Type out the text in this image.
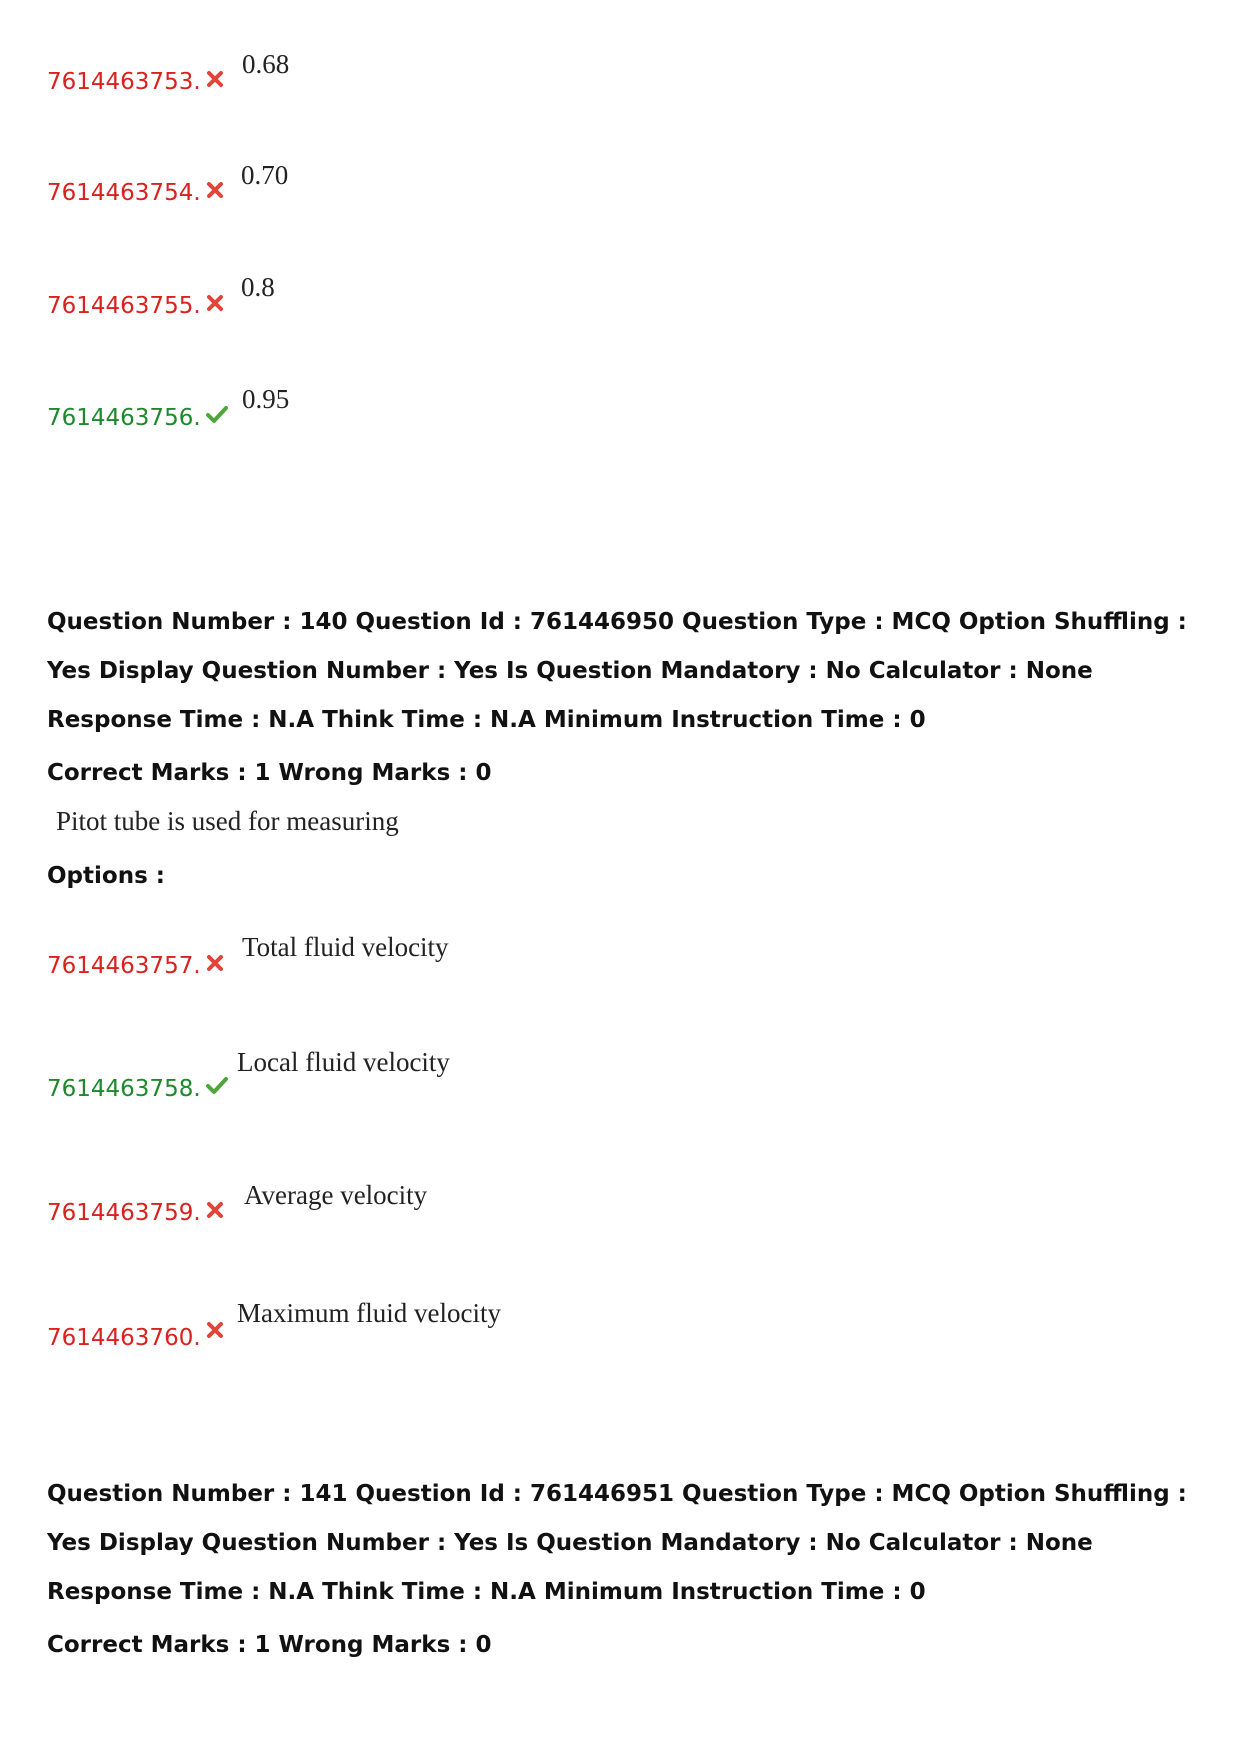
7614463753.
0.68
7614463754.
0.70
7614463755.
0.8
7614463756.
0.95

Question Number : 140 Question Id : 761446950 Question Type : MCQ Option Shuffling : Yes Display Question Number : Yes Is Question Mandatory : No Calculator : None Response Time : N.A Think Time : N.A Minimum Instruction Time : 0

Correct Marks : 1 Wrong Marks : 0
Pitot tube is used for measuring
Options :
7614463757.
Total fluid velocity
7614463758.
Local fluid velocity
7614463759.
Average velocity
7614463760.
Maximum fluid velocity

Question Number : 141 Question Id : 761446951 Question Type : MCQ Option Shuffling : Yes Display Question Number : Yes Is Question Mandatory : No Calculator : None Response Time : N.A Think Time : N.A Minimum Instruction Time : 0

Correct Marks : 1 Wrong Marks : 0
